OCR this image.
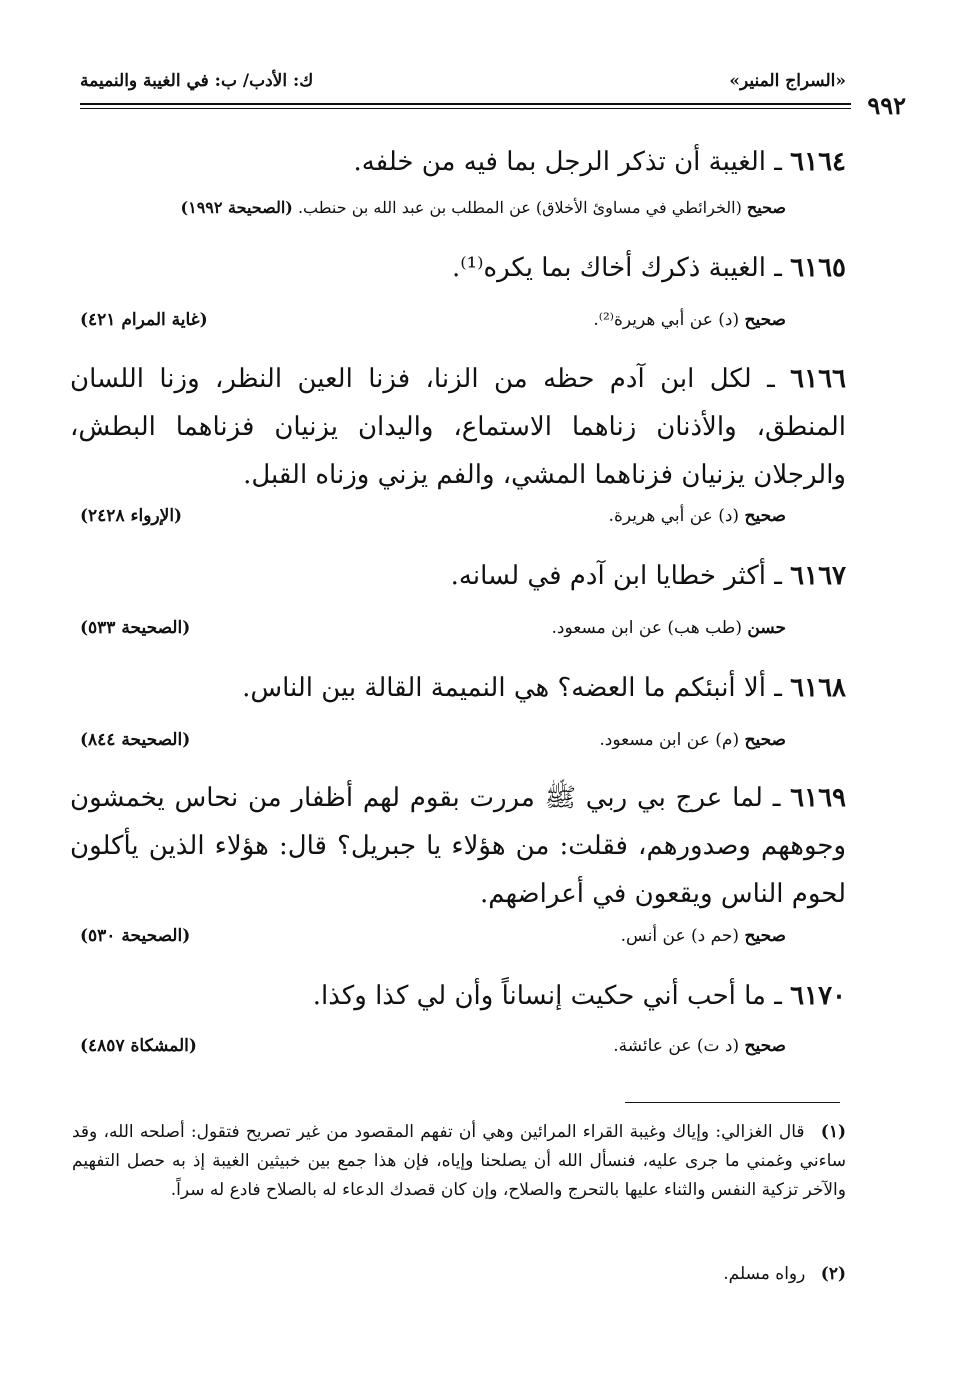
«السراج المنير»
ك: الأدب/ ب: في الغيبة والنميمة
٩٩٢
٦١٦٤ ـ الغيبة أن تذكر الرجل بما فيه من خلفه.
صحيح (الخرائطي في مساوئ الأخلاق) عن المطلب بن عبد الله بن حنطب. (الصحيحة ١٩٩٢)
٦١٦٥ ـ الغيبة ذكرك أخاك بما يكره⁽¹⁾.
صحيح (د) عن أبي هريرة⁽²⁾.
(غاية المرام ٤٢١)
٦١٦٦ ـ لكل ابن آدم حظه من الزنا، فزنا العين النظر، وزنا اللسان المنطق، والأذنان زناهما الاستماع، واليدان يزنيان فزناهما البطش، والرجلان يزنيان فزناهما المشي، والفم يزني وزناه القبل.
صحيح (د) عن أبي هريرة.
(الإرواء ٢٤٢٨)
٦١٦٧ ـ أكثر خطايا ابن آدم في لسانه.
حسن (طب هب) عن ابن مسعود.
(الصحيحة ٥٣٣)
٦١٦٨ ـ ألا أنبئكم ما العضه؟ هي النميمة القالة بين الناس.
صحيح (م) عن ابن مسعود.
(الصحيحة ٨٤٤)
٦١٦٩ ـ لما عرج بي ربي ﷺ مررت بقوم لهم أظفار من نحاس يخمشون وجوههم وصدورهم، فقلت: من هؤلاء يا جبريل؟ قال: هؤلاء الذين يأكلون لحوم الناس ويقعون في أعراضهم.
صحيح (حم د) عن أنس.
(الصحيحة ٥٣٠)
٦١٧٠ ـ ما أحب أني حكيت إنساناً وأن لي كذا وكذا.
صحيح (د ت) عن عائشة.
(المشكاة ٤٨٥٧)
(١) قال الغزالي: وإياك وغيبة القراء المرائين وهي أن تفهم المقصود من غير تصريح فتقول: أصلحه الله، وقد ساءني وغمني ما جرى عليه، فنسأل الله أن يصلحنا وإياه، فإن هذا جمع بين خبيثين الغيبة إذ به حصل التفهيم والآخر تزكية النفس والثناء عليها بالتحرج والصلاح، وإن كان قصدك الدعاء له بالصلاح فادع له سراً.
(٢) رواه مسلم.
